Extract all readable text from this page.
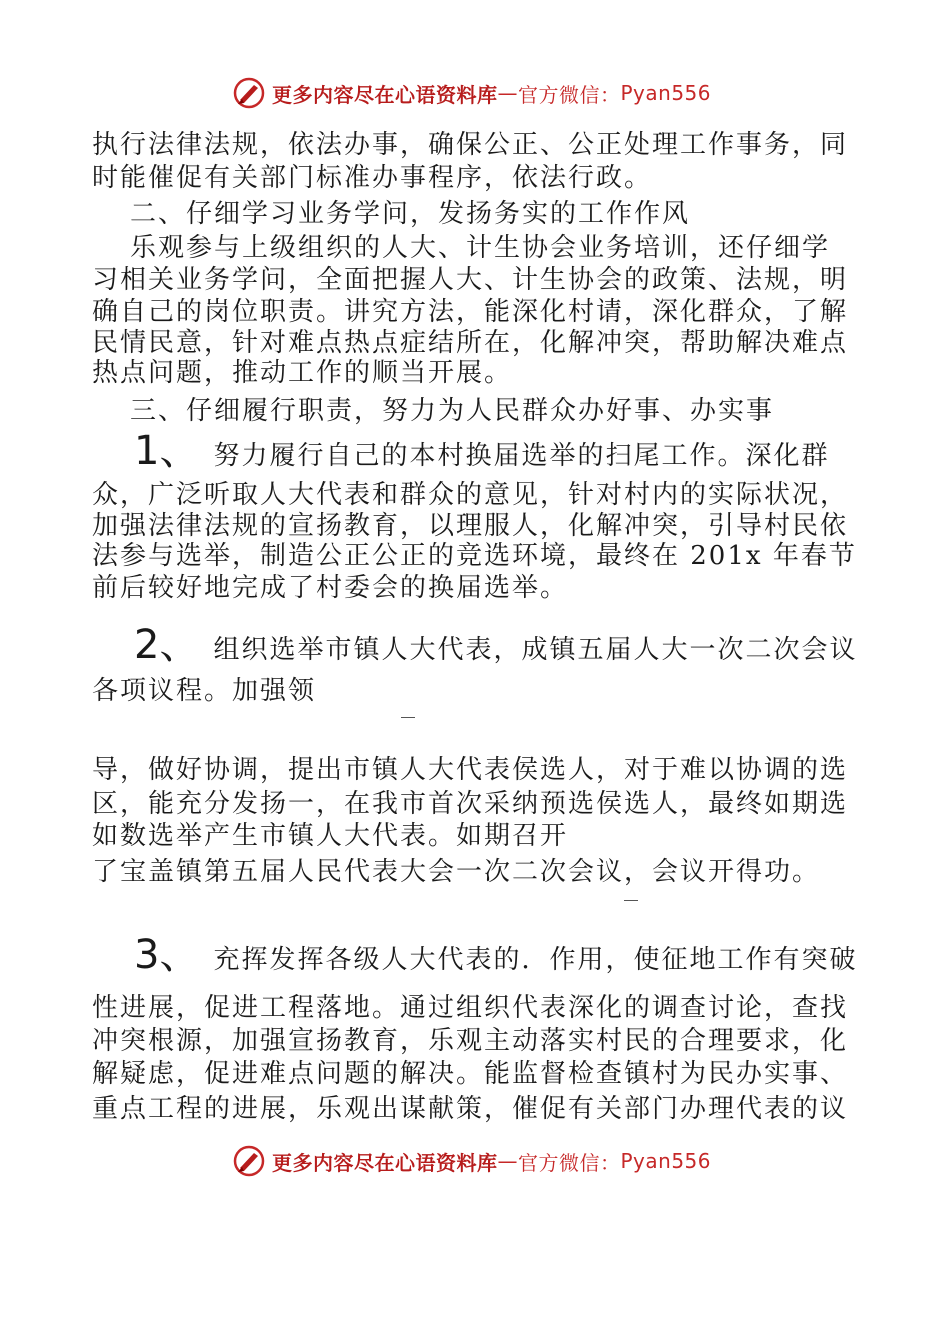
更多内容尽在心语资料库 — 官方微信： Pyan556
执行法律法规，依法办事，确保公正、公正处理工作事务，同
时能催促有关部门标准办事程序，依法行政。
二、仔细学习业务学问，发扬务实的工作作风
乐观参与上级组织的人大、计生协会业务培训，还仔细学
习相关业务学问，全面把握人大、计生协会的政策、法规，明
确自己的岗位职责。讲究方法，能深化村请，深化群众，了解
民情民意，针对难点热点症结所在，化解冲突，帮助解决难点
热点问题，推动工作的顺当开展。
三、仔细履行职责，努力为人民群众办好事、办实事
1、 努力履行自己的本村换届选举的扫尾工作。深化群
众，广泛听取人大代表和群众的意见，针对村内的实际状况，
加强法律法规的宣扬教育，以理服人，化解冲突，引导村民依
法参与选举，制造公正公正的竞选环境，最终在 201x 年春节
前后较好地完成了村委会的换届选举。
2、 组织选举市镇人大代表，成镇五届人大一次二次会议
各项议程。加强领
导，做好协调，提出市镇人大代表侯选人，对于难以协调的选
区，能充分发扬一，在我市首次采纳预选侯选人，最终如期选
如数选举产生市镇人大代表。如期召开
了宝盖镇第五届人民代表大会一次二次会议，会议开得功。
3、 充挥发挥各级人大代表的．作用，使征地工作有突破
性进展，促进工程落地。通过组织代表深化的调查讨论，查找
冲突根源，加强宣扬教育，乐观主动落实村民的合理要求，化
解疑虑，促进难点问题的解决。能监督检查镇村为民办实事、
重点工程的进展，乐观出谋献策，催促有关部门办理代表的议
更多内容尽在心语资料库 — 官方微信： Pyan556
